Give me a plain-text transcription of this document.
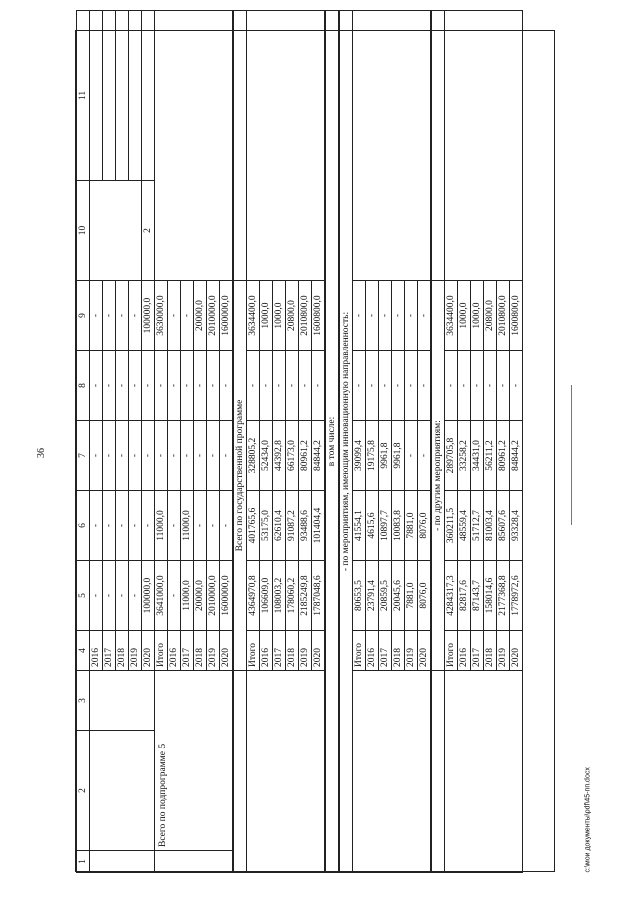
36
1	2	3	4	5	6	7	8	9	10	11
			2016	-	-	-	-	-		
			2017	-	-	-	-	-		
			2018	-	-	-	-	-		
			2019	-	-	-	-	-		
			2020	100000,0	-	-	-	100000,0	2	
	Всего по подпрограмме 5		Итого	3641000,0	11000,0	-	-	3630000,0		
			2016	-	-	-	-	-		
			2017	11000,0	11000,0	-	-	-		
			2018	20000,0	-	-	-	20000,0		
			2019	2010000,0	-	-	-	2010000,0		
			2020	1600000,0	-	-	-	1600000,0		
			Всего по государственной программе							
			Итого	4364970,8	401765,6	328805,2	-	3634400,0		
			2016	106609,0	53175,0	52434,0	-	1000,0		
			2017	108003,2	62610,4	44392,8	-	1000,0		
			2018	178060,2	91087,2	66173,0	-	20800,0		
			2019	2185249,8	93488,6	80961,2	-	2010800,0		
			2020	1787048,6	101404,4	84844,2	-	1600800,0		
в том числе:										
- по мероприятиям, имеющим инновационную направленность:										
			Итого	80653,5	41554,1	39099,4	-	-		
			2016	23791,4	4615,6	19175,8	-	-		
			2017	20859,5	10897,7	9961,8	-	-		
			2018	20045,6	10083,8	9961,8	-	-		
			2019	7881,0	7881,0	-	-	-		
			2020	8076,0	8076,0	-	-	-		
			- по другим мероприятиям:							
			Итого	4284317,3	360211,5	289705,8	-	3634400,0		
			2016	82817,6	48559,4	33258,2	-	1000,0		
			2017	87143,7	51712,7	34431,0	-	1000,0		
			2018	158014,6	81003,4	56211,2	-	20800,0		
			2019	2177368,8	85607,6	80961,2	-	2010800,0		
			2020	1778972,6	93328,4	84844,2	-	1600800,0		
c:\мои документы\pdf\45-пп.docx
